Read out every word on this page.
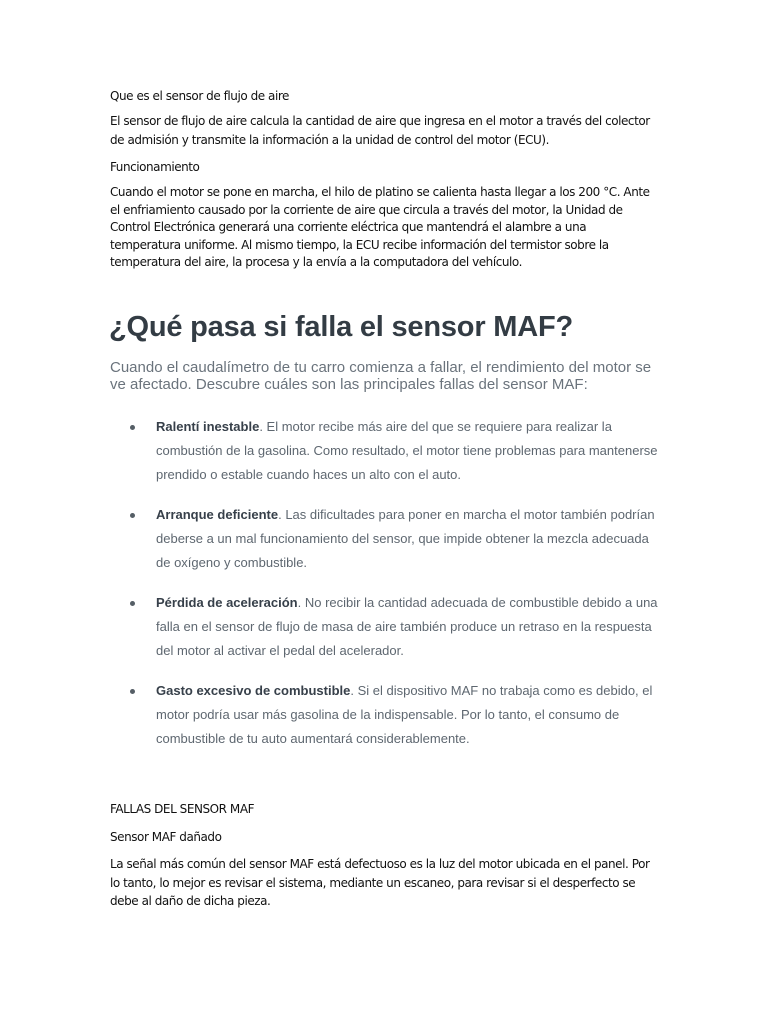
Que es el sensor de flujo de aire

El sensor de flujo de aire calcula la cantidad de aire que ingresa en el motor a través del colector de admisión y transmite la información a la unidad de control del motor (ECU).

Funcionamiento

Cuando el motor se pone en marcha, el hilo de platino se calienta hasta llegar a los 200 °C. Ante el enfriamiento causado por la corriente de aire que circula a través del motor, la Unidad de Control Electrónica generará una corriente eléctrica que mantendrá el alambre a una temperatura uniforme. Al mismo tiempo, la ECU recibe información del termistor sobre la temperatura del aire, la procesa y la envía a la computadora del vehículo.

¿Qué pasa si falla el sensor MAF?

Cuando el caudalímetro de tu carro comienza a fallar, el rendimiento del motor se ve afectado. Descubre cuáles son las principales fallas del sensor MAF:

Ralentí inestable. El motor recibe más aire del que se requiere para realizar la combustión de la gasolina. Como resultado, el motor tiene problemas para mantenerse prendido o estable cuando haces un alto con el auto.

Arranque deficiente. Las dificultades para poner en marcha el motor también podrían deberse a un mal funcionamiento del sensor, que impide obtener la mezcla adecuada de oxígeno y combustible.

Pérdida de aceleración. No recibir la cantidad adecuada de combustible debido a una falla en el sensor de flujo de masa de aire también produce un retraso en la respuesta del motor al activar el pedal del acelerador.

Gasto excesivo de combustible. Si el dispositivo MAF no trabaja como es debido, el motor podría usar más gasolina de la indispensable. Por lo tanto, el consumo de combustible de tu auto aumentará considerablemente.

FALLAS DEL SENSOR MAF

Sensor MAF dañado

La señal más común del sensor MAF está defectuoso es la luz del motor ubicada en el panel. Por lo tanto, lo mejor es revisar el sistema, mediante un escaneo, para revisar si el desperfecto se debe al daño de dicha pieza.
